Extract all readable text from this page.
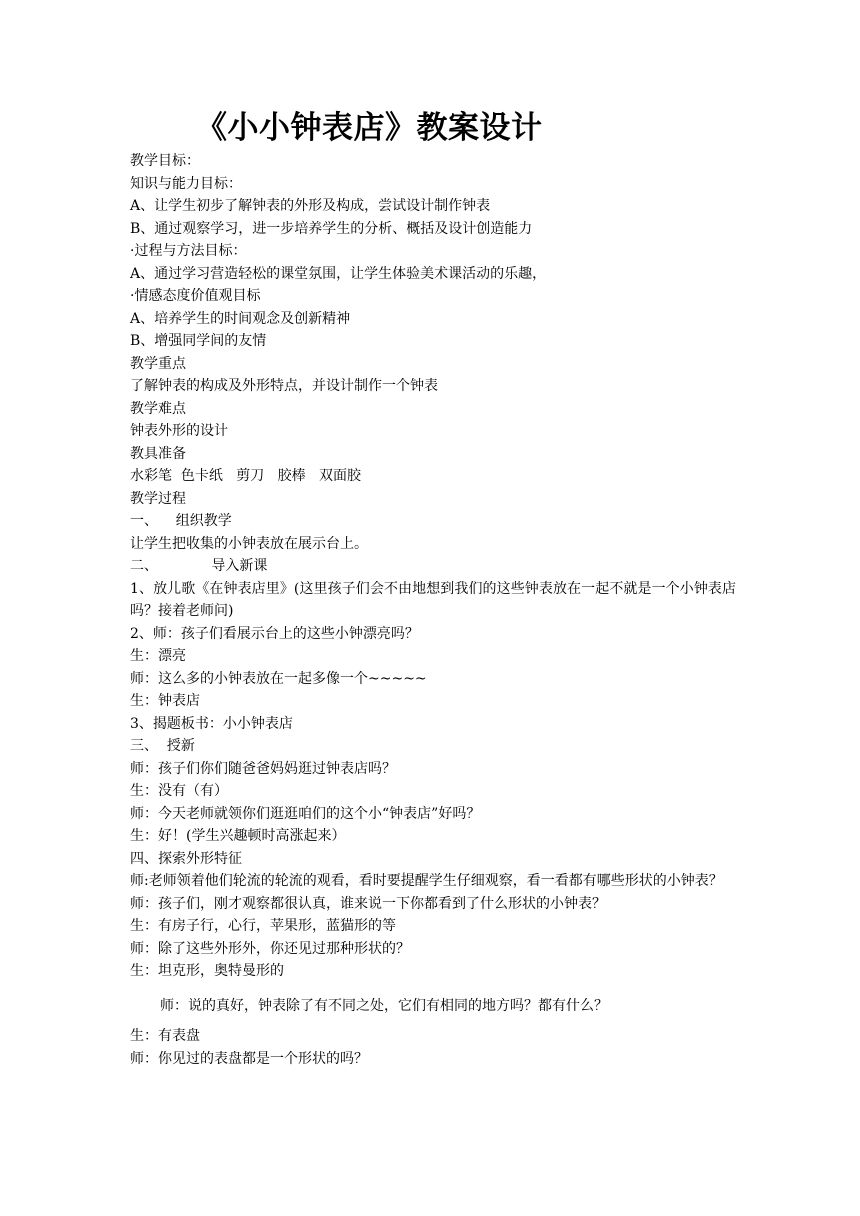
《小小钟表店》教案设计
教学目标：
知识与能力目标：
A、让学生初步了解钟表的外形及构成，尝试设计制作钟表
B、通过观察学习，进一步培养学生的分析、概括及设计创造能力
·过程与方法目标：
A、通过学习营造轻松的课堂氛围，让学生体验美术课活动的乐趣，
·情感态度价值观目标
A、培养学生的时间观念及创新精神
B、增强同学间的友情
教学重点
了解钟表的构成及外形特点，并设计制作一个钟表
教学难点
钟表外形的设计
教具准备
水彩笔  色卡纸   剪刀   胶棒   双面胶
教学过程
一、    组织教学
让学生把收集的小钟表放在展示台上。
二、            导入新课
1、放儿歌《在钟表店里》(这里孩子们会不由地想到我们的这些钟表放在一起不就是一个小钟表店吗？接着老师问)
2、师：孩子们看展示台上的这些小钟漂亮吗？
生：漂亮
师：这么多的小钟表放在一起多像一个~~~~~
生：钟表店
3、揭题板书：小小钟表店
三、  授新
师：孩子们你们随爸爸妈妈逛过钟表店吗？
生：没有（有）
师：今天老师就领你们逛逛咱们的这个小“钟表店”好吗？
生：好！(学生兴趣顿时高涨起来）
四、探索外形特征
师:老师领着他们轮流的轮流的观看，看时要提醒学生仔细观察，看一看都有哪些形状的小钟表？
师：孩子们，刚才观察都很认真，谁来说一下你都看到了什么形状的小钟表？
生：有房子行，心行，苹果形，蓝猫形的等
师：除了这些外形外，你还见过那种形状的？
生：坦克形，奥特曼形的
师：说的真好，钟表除了有不同之处，它们有相同的地方吗？都有什么？
生：有表盘
师：你见过的表盘都是一个形状的吗？
